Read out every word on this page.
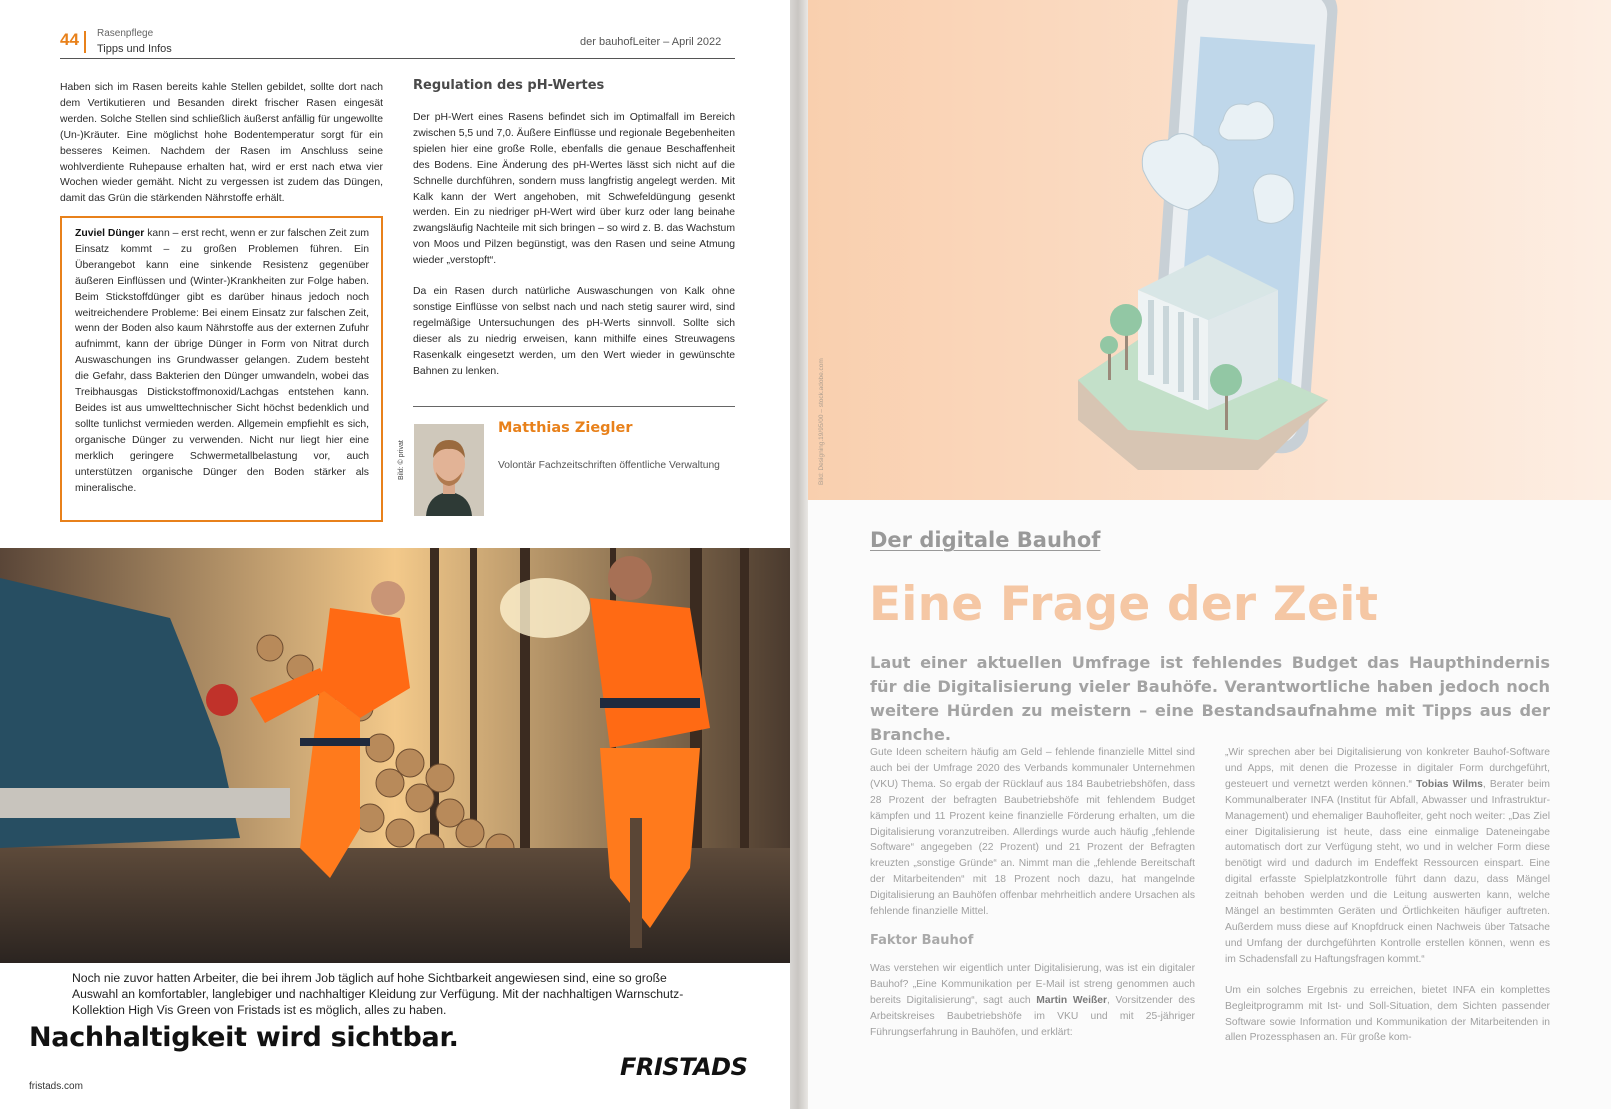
44 Rasenpflege
Tipps und Infos
der bauhofLeiter – April 2022
Haben sich im Rasen bereits kahle Stellen gebildet, sollte dort nach dem Vertikutieren und Besanden direkt frischer Rasen eingesät werden. Solche Stellen sind schließlich äußerst anfällig für ungewollte (Un-)Kräuter. Eine möglichst hohe Bodentemperatur sorgt für ein besseres Keimen. Nachdem der Rasen im Anschluss seine wohlverdiente Ruhepause erhalten hat, wird er erst nach etwa vier Wochen wieder gemäht. Nicht zu vergessen ist zudem das Düngen, damit das Grün die stärkenden Nährstoffe erhält.
Zuviel Dünger kann – erst recht, wenn er zur falschen Zeit zum Einsatz kommt – zu großen Problemen führen. Ein Überangebot kann eine sinkende Resistenz gegenüber äußeren Einflüssen und (Winter-)Krankheiten zur Folge haben. Beim Stickstoffdünger gibt es darüber hinaus jedoch noch weitreichendere Probleme: Bei einem Einsatz zur falschen Zeit, wenn der Boden also kaum Nährstoffe aus der externen Zufuhr aufnimmt, kann der übrige Dünger in Form von Nitrat durch Auswaschungen ins Grundwasser gelangen. Zudem besteht die Gefahr, dass Bakterien den Dünger umwandeln, wobei das Treibhausgas Distickstoffmonoxid/Lachgas entstehen kann. Beides ist aus umwelttechnischer Sicht höchst bedenklich und sollte tunlichst vermieden werden. Allgemein empfiehlt es sich, organische Dünger zu verwenden. Nicht nur liegt hier eine merklich geringere Schwermetallbelastung vor, auch unterstützen organische Dünger den Boden stärker als mineralische.
Regulation des pH-Wertes

Der pH-Wert eines Rasens befindet sich im Optimalfall im Bereich zwischen 5,5 und 7,0. Äußere Einflüsse und regionale Begebenheiten spielen hier eine große Rolle, ebenfalls die genaue Beschaffenheit des Bodens. Eine Änderung des pH-Wertes lässt sich nicht auf die Schnelle durchführen, sondern muss langfristig angelegt werden. Mit Kalk kann der Wert angehoben, mit Schwefeldüngung gesenkt werden. Ein zu niedriger pH-Wert wird über kurz oder lang beinahe zwangsläufig Nachteile mit sich bringen – so wird z. B. das Wachstum von Moos und Pilzen begünstigt, was den Rasen und seine Atmung wieder „verstopft“.

Da ein Rasen durch natürliche Auswaschungen von Kalk ohne sonstige Einflüsse von selbst nach und nach stetig saurer wird, sind regelmäßige Untersuchungen des pH-Werts sinnvoll. Sollte sich dieser als zu niedrig erweisen, kann mithilfe eines Streuwagens Rasenkalk eingesetzt werden, um den Wert wieder in gewünschte Bahnen zu lenken.

Bild: © privat
Matthias Ziegler
Volontär Fachzeitschriften öffentliche Verwaltung
Noch nie zuvor hatten Arbeiter, die bei ihrem Job täglich auf hohe Sichtbarkeit angewiesen sind, eine so große Auswahl an komfortabler, langlebiger und nachhaltiger Kleidung zur Verfügung. Mit der nachhaltigen Warnschutz- Kollektion High Vis Green von Fristads ist es möglich, alles zu haben.
Nachhaltigkeit wird sichtbar.
FRISTADS
fristads.com
Bild: Designing.19/95/00 – stock.adobe.com
Der digitale Bauhof
Eine Frage der Zeit
Laut einer aktuellen Umfrage ist fehlendes Budget das Haupthindernis für die Digitalisierung vieler Bauhöfe. Verantwortliche haben jedoch noch weitere Hürden zu meistern – eine Bestandsaufnahme mit Tipps aus der Branche.

Gute Ideen scheitern häufig am Geld – fehlende finanzielle Mittel sind auch bei der Umfrage 2020 des Verbands kommunaler Unternehmen (VKU) Thema. So ergab der Rücklauf aus 184 Baubetriebshöfen, dass 28 Prozent der befragten Baubetriebshöfe mit fehlendem Budget kämpfen und 11 Prozent keine finanzielle Förderung erhalten, um die Digitalisierung voranzutreiben. Allerdings wurde auch häufig „fehlende Software“ angegeben (22 Prozent) und 21 Prozent der Befragten kreuzten „sonstige Gründe“ an. Nimmt man die „fehlende Bereitschaft der Mitarbeitenden“ mit 18 Prozent noch dazu, hat mangelnde Digitalisierung an Bauhöfen offenbar mehrheitlich andere Ursachen als fehlende finanzielle Mittel.

Faktor Bauhof

Was verstehen wir eigentlich unter Digitalisierung, was ist ein digitaler Bauhof? „Eine Kommunikation per E-Mail ist streng genommen auch bereits Digitalisierung“, sagt auch Martin Weißer, Vorsitzender des Arbeitskreises Baubetriebshöfe im VKU und mit 25-jähriger Führungserfahrung in Bauhöfen, und erklärt:

„Wir sprechen aber bei Digitalisierung von konkreter Bauhof-Software und Apps, mit denen die Prozesse in digitaler Form durchgeführt, gesteuert und vernetzt werden können.“ Tobias Wilms, Berater beim Kommunalberater INFA (Institut für Abfall, Abwasser und Infrastruktur-Management) und ehemaliger Bauhofleiter, geht noch weiter: „Das Ziel einer Digitalisierung ist heute, dass eine einmalige Dateneingabe automatisch dort zur Verfügung steht, wo und in welcher Form diese benötigt wird und dadurch im Endeffekt Ressourcen einspart. Eine digital erfasste Spielplatzkontrolle führt dann dazu, dass Mängel zeitnah behoben werden und die Leitung auswerten kann, welche Mängel an bestimmten Geräten und Örtlichkeiten häufiger auftreten. Außerdem muss diese auf Knopfdruck einen Nachweis über Tatsache und Umfang der durchgeführten Kontrolle erstellen können, wenn es im Schadensfall zu Haftungsfragen kommt.“

Um ein solches Ergebnis zu erreichen, bietet INFA ein komplettes Begleitprogramm mit Ist- und Soll-Situation, dem Sichten passender Software sowie Information und Kommunikation der Mitarbeitenden in allen Prozessphasen an. Für große kom-
